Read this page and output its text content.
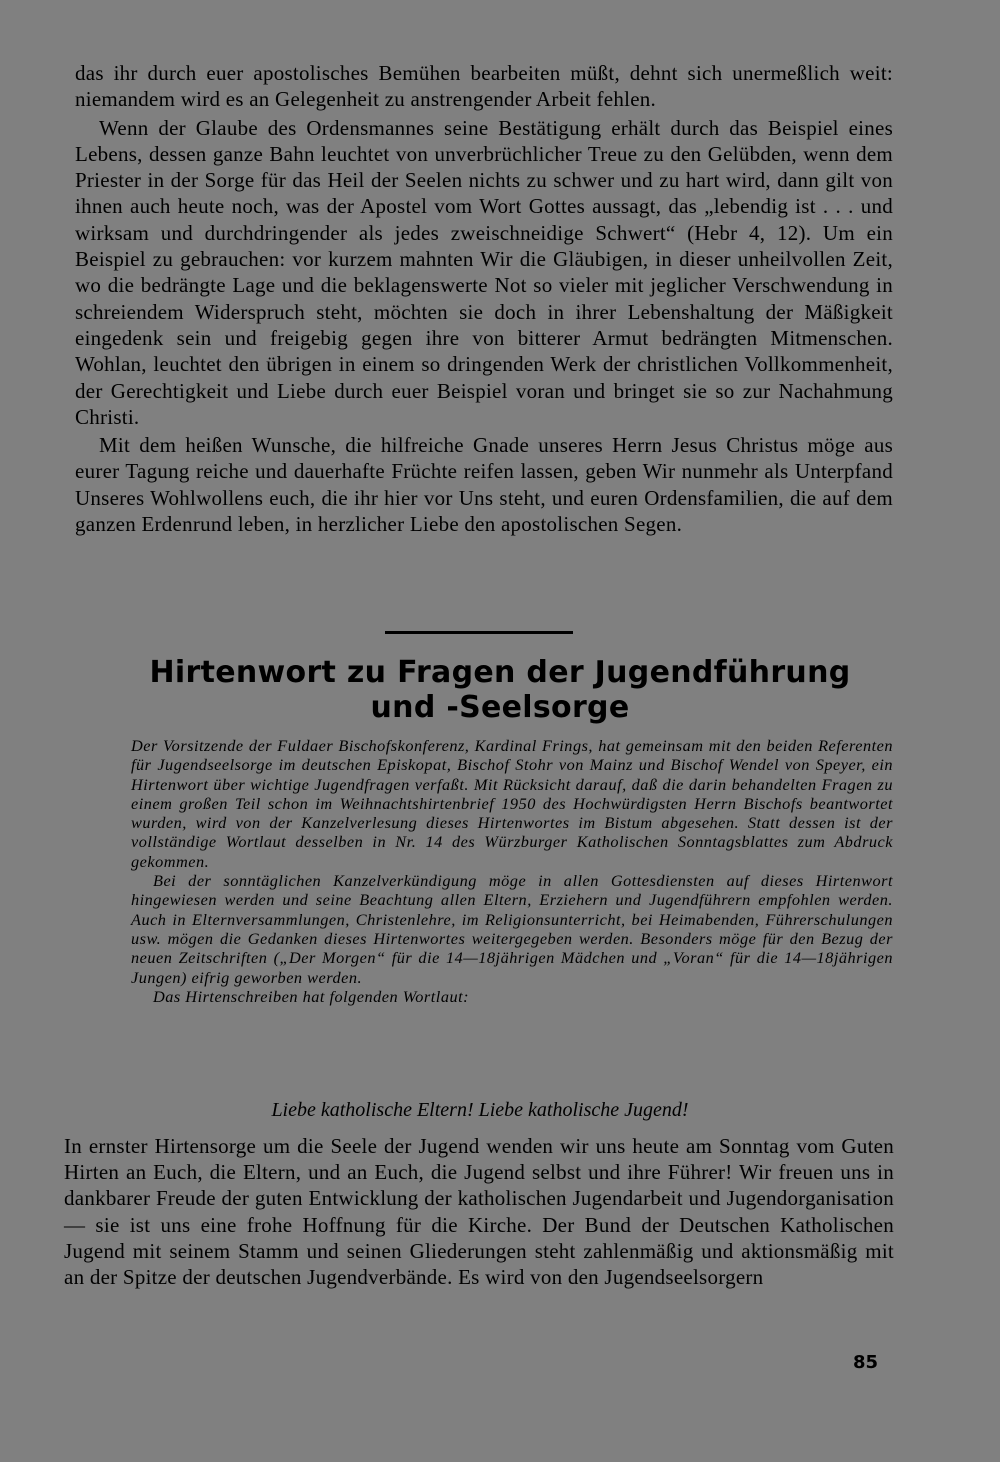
das ihr durch euer apostolisches Bemühen bearbeiten müßt, dehnt sich unermeßlich weit: niemandem wird es an Gelegenheit zu anstrengender Arbeit fehlen.

Wenn der Glaube des Ordensmannes seine Bestätigung erhält durch das Beispiel eines Lebens, dessen ganze Bahn leuchtet von unverbrüchlicher Treue zu den Gelübden, wenn dem Priester in der Sorge für das Heil der Seelen nichts zu schwer und zu hart wird, dann gilt von ihnen auch heute noch, was der Apostel vom Wort Gottes aussagt, das „lebendig ist . . . und wirksam und durchdringender als jedes zweischneidige Schwert“ (Hebr 4, 12). Um ein Beispiel zu gebrauchen: vor kurzem mahnten Wir die Gläubigen, in dieser unheilvollen Zeit, wo die bedrängte Lage und die beklagenswerte Not so vieler mit jeglicher Verschwendung in schreiendem Widerspruch steht, möchten sie doch in ihrer Lebenshaltung der Mäßigkeit eingedenk sein und freigebig gegen ihre von bitterer Armut bedrängten Mitmenschen. Wohlan, leuchtet den übrigen in einem so dringenden Werk der christlichen Vollkommenheit, der Gerechtigkeit und Liebe durch euer Beispiel voran und bringet sie so zur Nachahmung Christi.

Mit dem heißen Wunsche, die hilfreiche Gnade unseres Herrn Jesus Christus möge aus eurer Tagung reiche und dauerhafte Früchte reifen lassen, geben Wir nunmehr als Unterpfand Unseres Wohlwollens euch, die ihr hier vor Uns steht, und euren Ordensfamilien, die auf dem ganzen Erdenrund leben, in herzlicher Liebe den apostolischen Segen.

Hirtenwort zu Fragen der Jugendführung
und -Seelsorge

Der Vorsitzende der Fuldaer Bischofskonferenz, Kardinal Frings, hat gemeinsam mit den beiden Referenten für Jugendseelsorge im deutschen Episkopat, Bischof Stohr von Mainz und Bischof Wendel von Speyer, ein Hirtenwort über wichtige Jugendfragen verfaßt. Mit Rücksicht darauf, daß die darin behandelten Fragen zu einem großen Teil schon im Weihnachtshirtenbrief 1950 des Hochwürdigsten Herrn Bischofs beantwortet wurden, wird von der Kanzelverlesung dieses Hirtenwortes im Bistum abgesehen. Statt dessen ist der vollständige Wortlaut desselben in Nr. 14 des Würzburger Katholischen Sonntagsblattes zum Abdruck gekommen.

Bei der sonntäglichen Kanzelverkündigung möge in allen Gottesdiensten auf dieses Hirtenwort hingewiesen werden und seine Beachtung allen Eltern, Erziehern und Jugendführern empfohlen werden. Auch in Elternversammlungen, Christenlehre, im Religionsunterricht, bei Heimabenden, Führerschulungen usw. mögen die Gedanken dieses Hirtenwortes weitergegeben werden. Besonders möge für den Bezug der neuen Zeitschriften („Der Morgen“ für die 14—18jährigen Mädchen und „Voran“ für die 14—18jährigen Jungen) eifrig geworben werden.

Das Hirtenschreiben hat folgenden Wortlaut:

Liebe katholische Eltern! Liebe katholische Jugend!

In ernster Hirtensorge um die Seele der Jugend wenden wir uns heute am Sonntag vom Guten Hirten an Euch, die Eltern, und an Euch, die Jugend selbst und ihre Führer! Wir freuen uns in dankbarer Freude der guten Entwicklung der katholischen Jugendarbeit und Jugendorganisation — sie ist uns eine frohe Hoffnung für die Kirche. Der Bund der Deutschen Katholischen Jugend mit seinem Stamm und seinen Gliederungen steht zahlenmäßig und aktionsmäßig mit an der Spitze der deutschen Jugendverbände. Es wird von den Jugendseelsorgern

85
